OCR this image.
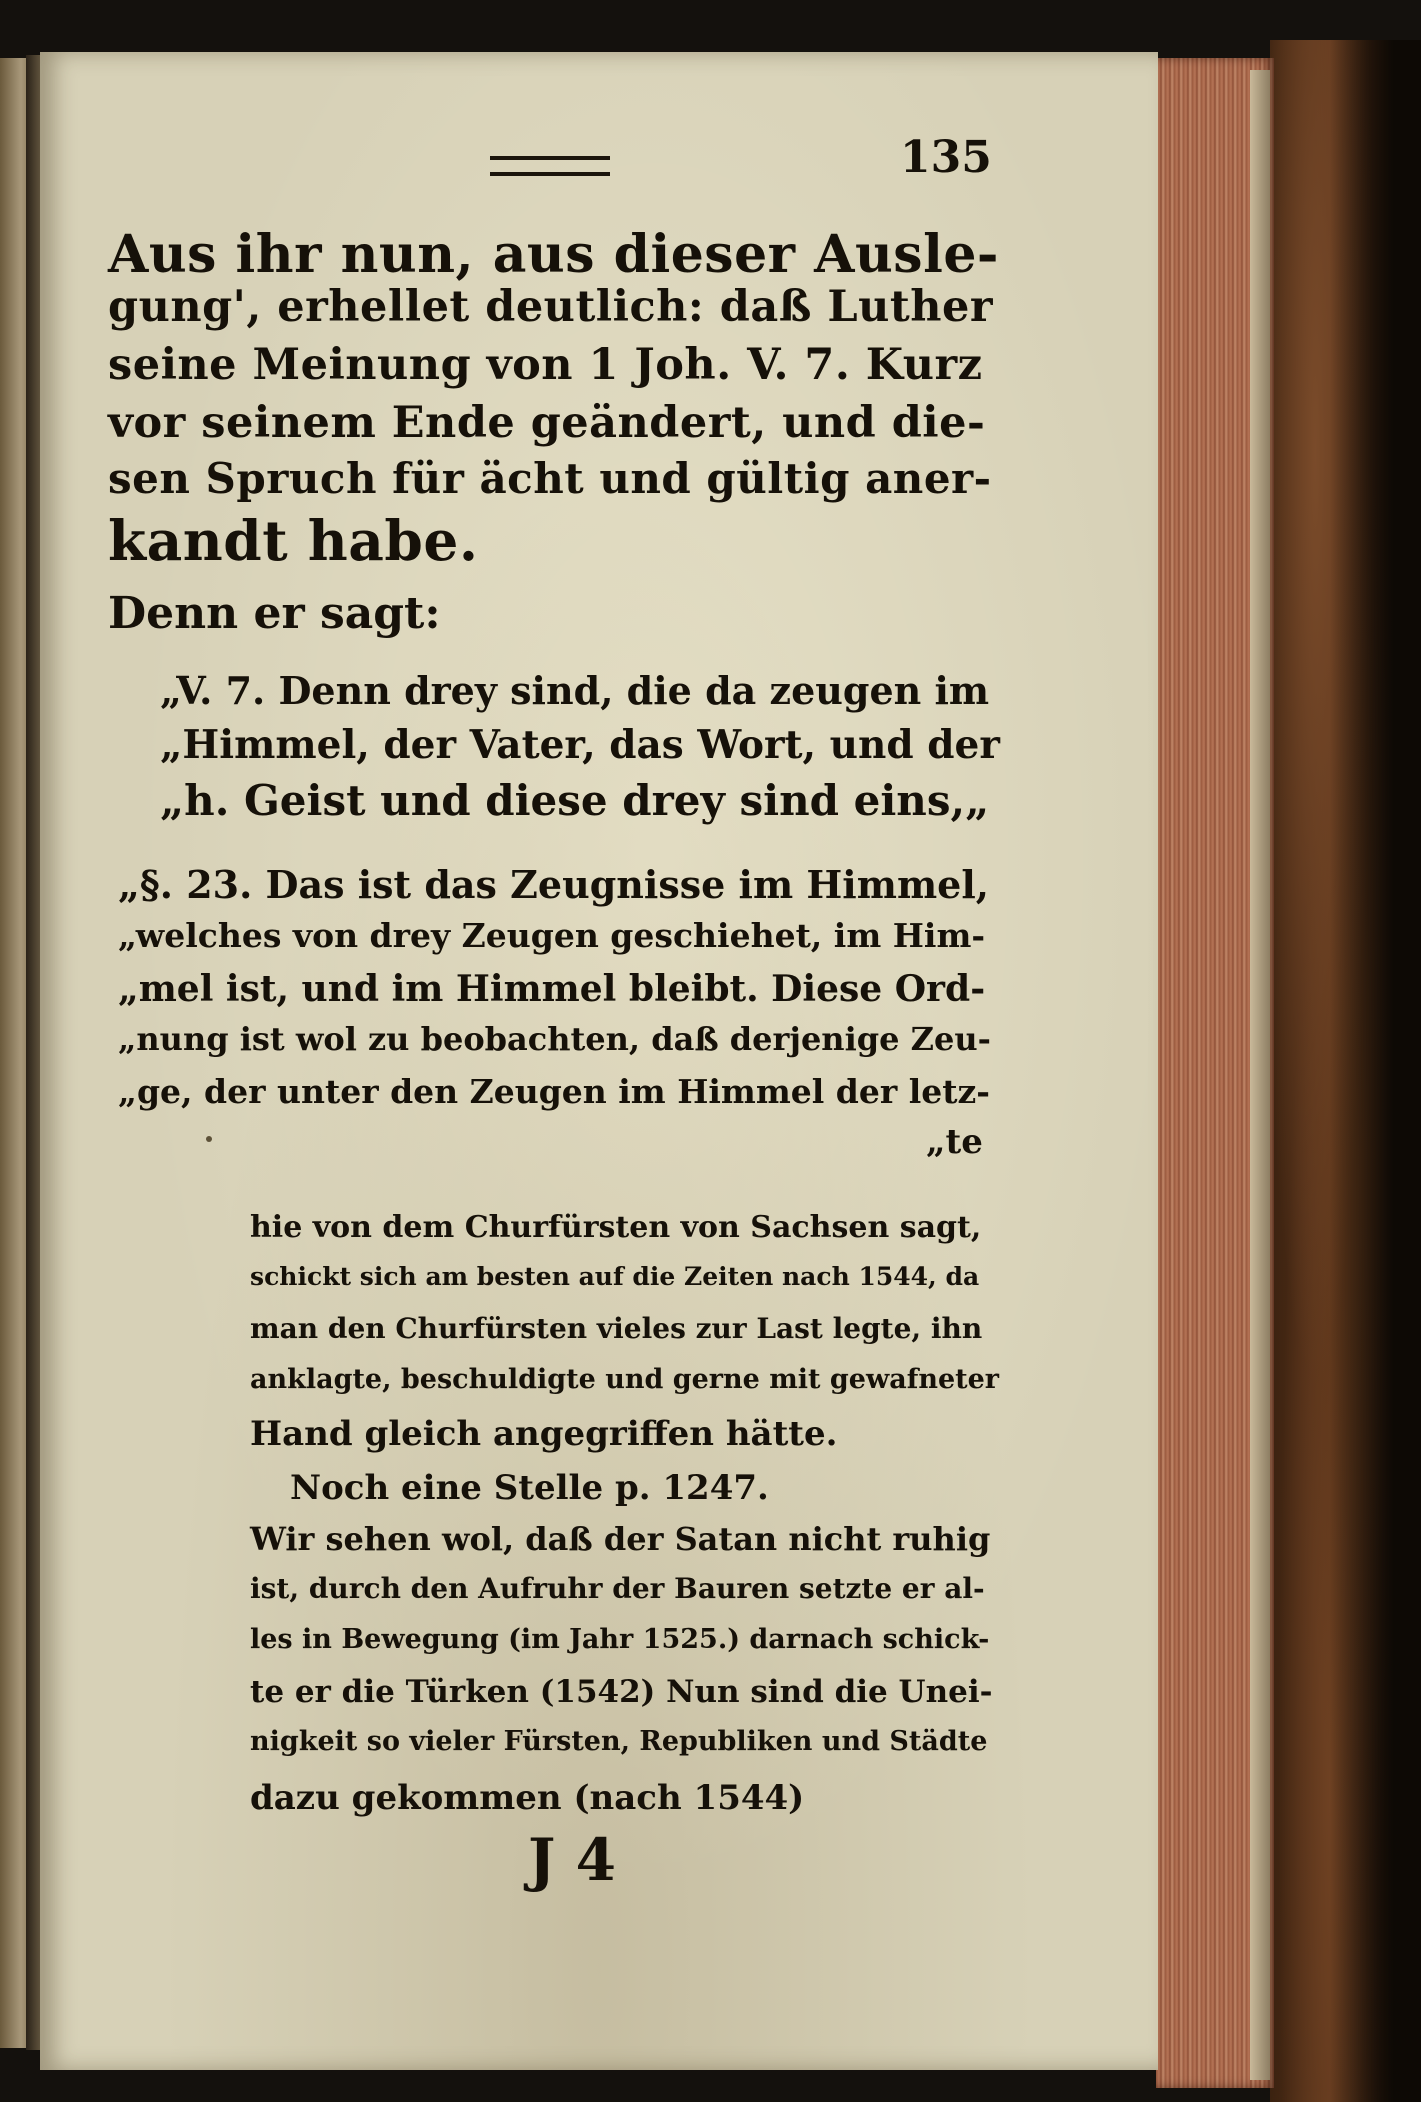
135
Aus ihr nun, aus dieser Ausle-
gung', erhellet deutlich: daß Luther
seine Meinung von 1 Joh. V. 7. Kurz
vor seinem Ende geändert, und die-
sen Spruch für ächt und gültig aner-
kandt habe.
Denn er sagt:
„V. 7. Denn drey sind, die da zeugen im
„Himmel, der Vater, das Wort, und der
„h. Geist und diese drey sind eins,„
„§. 23. Das ist das Zeugnisse im Himmel,
„welches von drey Zeugen geschiehet, im Him-
„mel ist, und im Himmel bleibt. Diese Ord-
„nung ist wol zu beobachten, daß derjenige Zeu-
„ge, der unter den Zeugen im Himmel der letz-
„te
hie von dem Churfürsten von Sachsen sagt,
schickt sich am besten auf die Zeiten nach 1544, da
man den Churfürsten vieles zur Last legte, ihn
anklagte, beschuldigte und gerne mit gewafneter
Hand gleich angegriffen hätte.
Noch eine Stelle p. 1247.
Wir sehen wol, daß der Satan nicht ruhig
ist, durch den Aufruhr der Bauren setzte er al-
les in Bewegung (im Jahr 1525.) darnach schick-
te er die Türken (1542) Nun sind die Unei-
nigkeit so vieler Fürsten, Republiken und Städte
dazu gekommen (nach 1544)
J 4
